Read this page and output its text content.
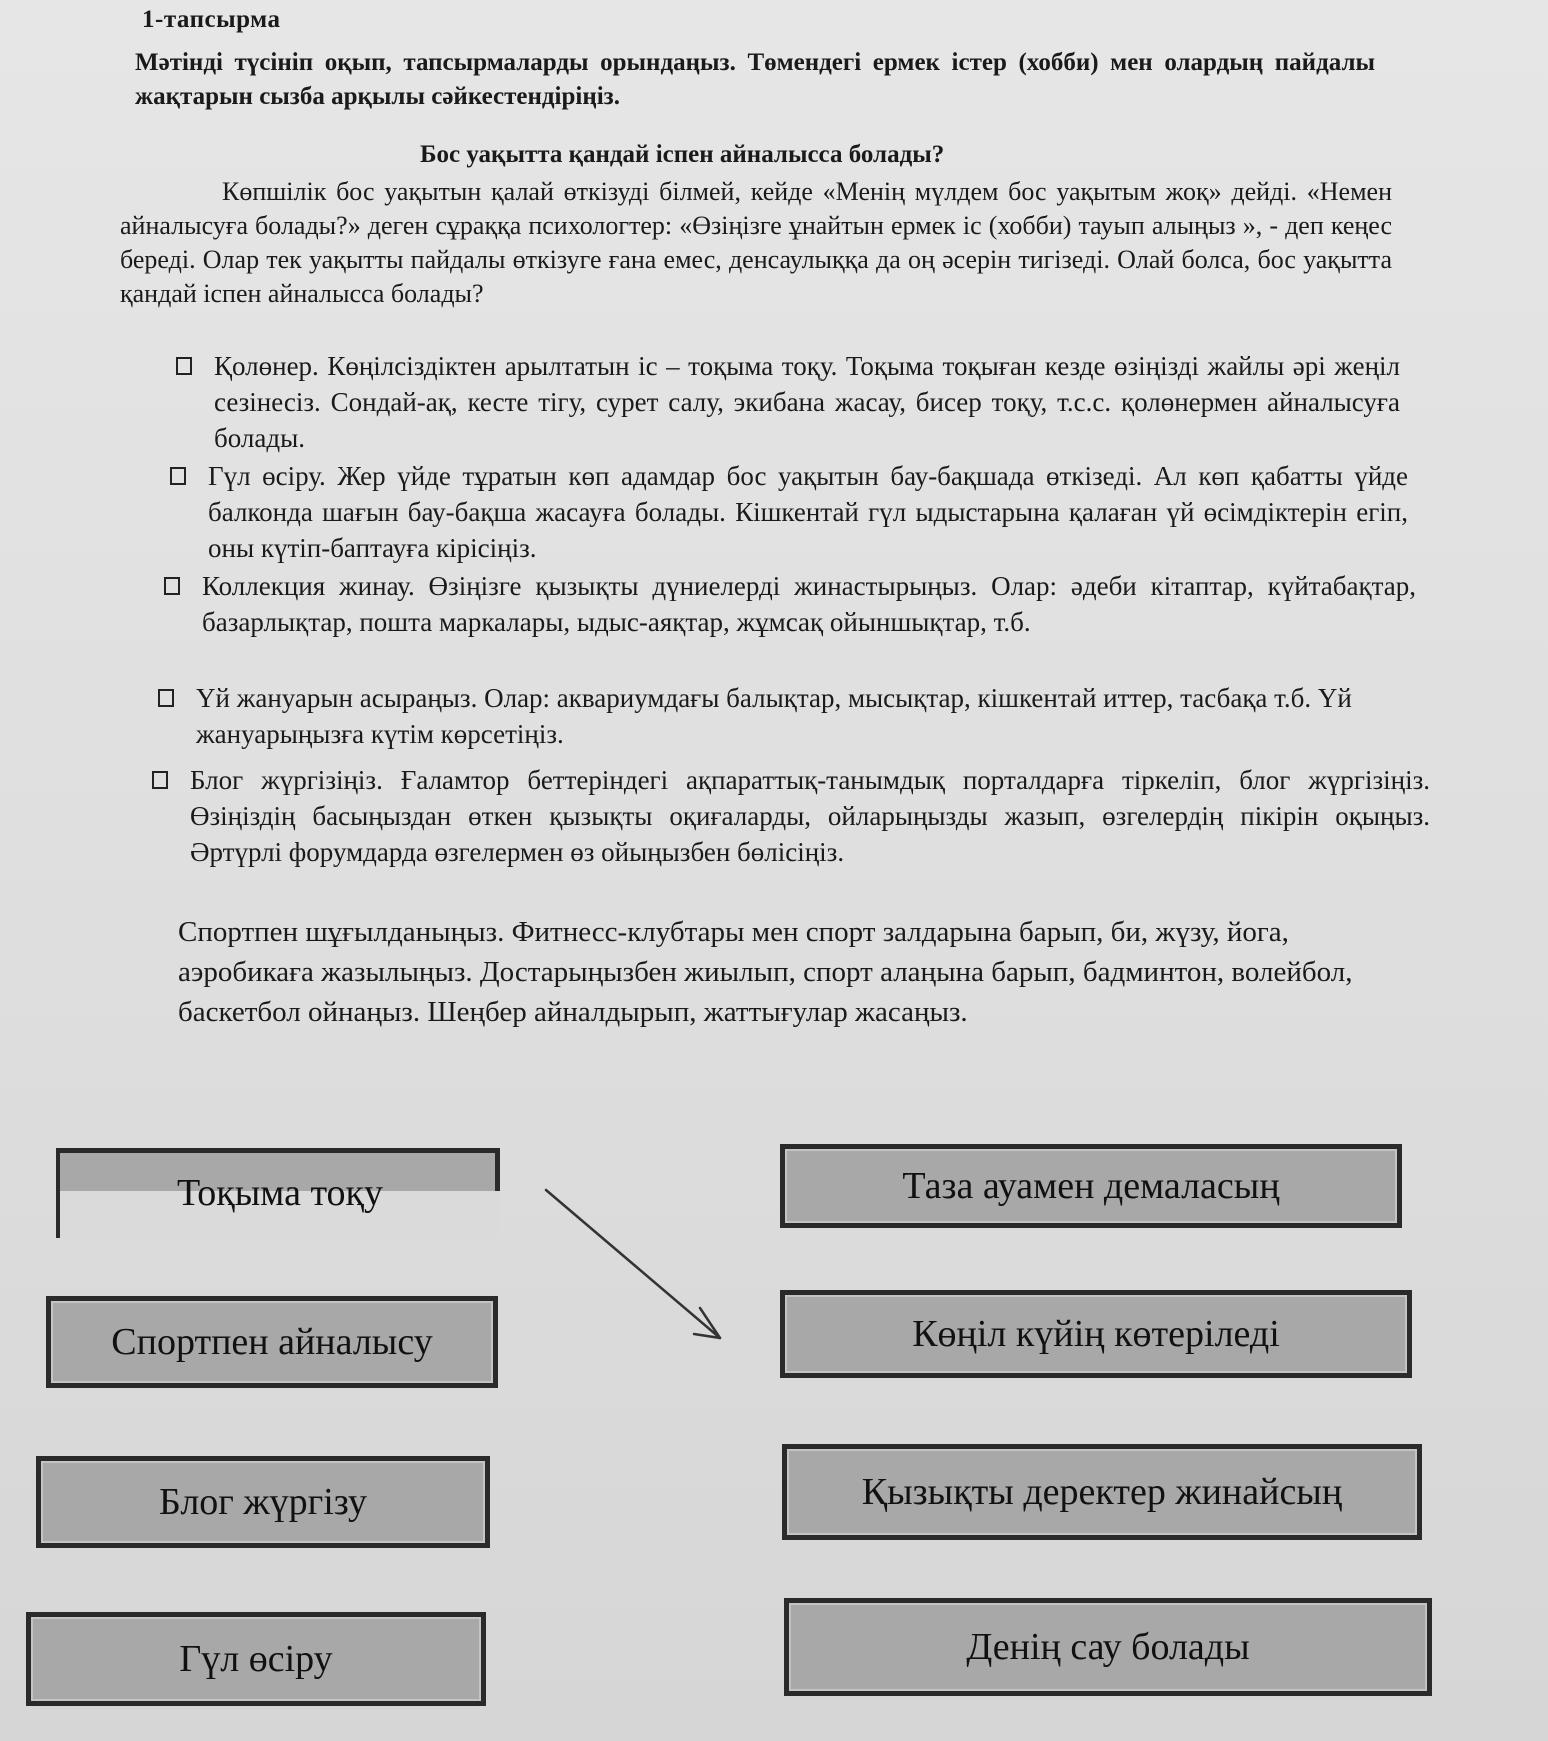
1-тапсырма
Мәтінді түсініп оқып, тапсырмаларды орындаңыз. Төмендегі ермек істер (хобби) мен олардың пайдалы жақтарын сызба арқылы сәйкестендіріңіз.
Бос уақытта қандай іспен айналысса болады?
Көпшілік бос уақытын қалай өткізуді білмей, кейде «Менің мүлдем бос уақытым жоқ» дейді. «Немен айналысуға болады?» деген сұраққа психологтер: «Өзіңізге ұнайтын ермек іс (хобби) тауып алыңыз », - деп кеңес береді. Олар тек уақытты пайдалы өткізуге ғана емес, денсаулыққа да оң әсерін тигізеді. Олай болса, бос уақытта қандай іспен айналысса болады?
Қолөнер. Көңілсіздіктен арылтатын іс – тоқыма тоқу. Тоқыма тоқыған кезде өзіңізді жайлы әрі жеңіл сезінесіз. Сондай-ақ, кесте тігу, сурет салу, экибана жасау, бисер тоқу, т.с.с. қолөнермен айналысуға болады.
Гүл өсіру. Жер үйде тұратын көп адамдар бос уақытын бау-бақшада өткізеді. Ал көп қабатты үйде балконда шағын бау-бақша жасауға болады. Кішкентай гүл ыдыстарына қалаған үй өсімдіктерін егіп, оны күтіп-баптауға кірісіңіз.
Коллекция жинау. Өзіңізге қызықты дүниелерді жинастырыңыз. Олар: әдеби кітаптар, күйтабақтар, базарлықтар, пошта маркалары, ыдыс-аяқтар, жұмсақ ойыншықтар, т.б.
Үй жануарын асыраңыз. Олар: аквариумдағы балықтар, мысықтар, кішкентай иттер, тасбақа т.б. Үй жануарыңызға күтім көрсетіңіз.
Блог жүргізіңіз. Ғаламтор беттеріндегі ақпараттық-танымдық порталдарға тіркеліп, блог жүргізіңіз. Өзіңіздің басыңыздан өткен қызықты оқиғаларды, ойларыңызды жазып, өзгелердің пікірін оқыңыз. Әртүрлі форумдарда өзгелермен өз ойыңызбен бөлісіңіз.
Спортпен шұғылданыңыз. Фитнесс-клубтары мен спорт залдарына барып, би, жүзу, йога, аэробикаға жазылыңыз. Достарыңызбен жиылып, спорт алаңына барып, бадминтон, волейбол, баскетбол ойнаңыз. Шеңбер айналдырып, жаттығулар жасаңыз.
Тоқыма тоқу
Спортпен айналысу
Блог жүргізу
Гүл өсіру
Таза ауамен демаласың
Көңіл күйің көтеріледі
Қызықты деректер жинайсың
Денің сау болады
